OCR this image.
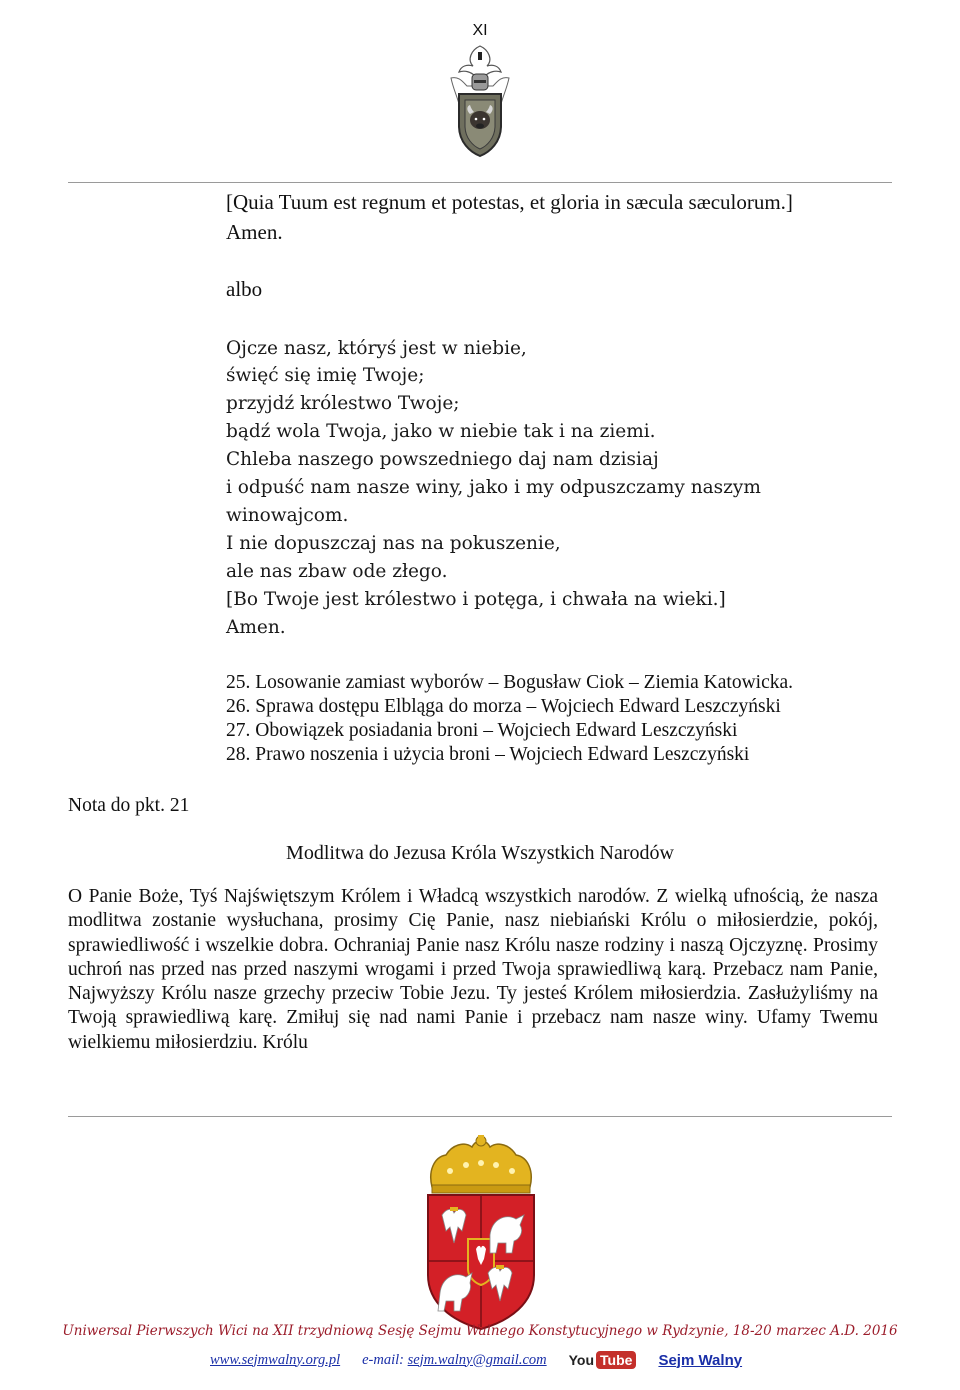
XI
[Quia Tuum est regnum et potestas, et gloria in sæcula sæculorum.]
Amen.
albo
Ojcze nasz, któryś jest w niebie,
święć się imię Twoje;
przyjdź królestwo Twoje;
bądź wola Twoja, jako w niebie tak i na ziemi.
Chleba naszego powszedniego daj nam dzisiaj
i odpuść nam nasze winy, jako i my odpuszczamy naszym
winowajcom.
I nie dopuszczaj nas na pokuszenie,
ale nas zbaw ode złego.
[Bo Twoje jest królestwo i potęga, i chwała na wieki.]
Amen.
25. Losowanie zamiast wyborów – Bogusław Ciok – Ziemia Katowicka.
26. Sprawa dostępu Elbląga do morza – Wojciech Edward Leszczyński
27. Obowiązek posiadania broni – Wojciech Edward Leszczyński
28. Prawo noszenia i użycia broni – Wojciech Edward Leszczyński
Nota do pkt. 21
Modlitwa do Jezusa Króla Wszystkich Narodów
O Panie Boże, Tyś Najświętszym Królem i Władcą wszystkich narodów. Z wielką ufnością, że nasza modlitwa zostanie wysłuchana, prosimy Cię Panie, nasz niebiański Królu o miłosierdzie, pokój, sprawiedliwość i wszelkie dobra. Ochraniaj Panie nasz Królu nasze rodziny i naszą Ojczyznę. Prosimy uchroń nas przed nas przed naszymi wrogami i przed Twoja sprawiedliwą karą. Przebacz nam Panie, Najwyższy Królu nasze grzechy przeciw Tobie Jezu. Ty jesteś Królem miłosierdzia. Zasłużyliśmy na Twoją sprawiedliwą karę. Zmiłuj się nad nami Panie i przebacz nam nasze winy. Ufamy Twemu wielkiemu miłosierdziu. Królu
Uniwersal Pierwszych Wici na XII trzydniową Sesję Sejmu Walnego Konstytucyjnego w Rydzynie, 18-20 marzec A.D. 2016
www.sejmwalny.org.pl e-mail: sejm.walny@gmail.com You Tube Sejm Walny
